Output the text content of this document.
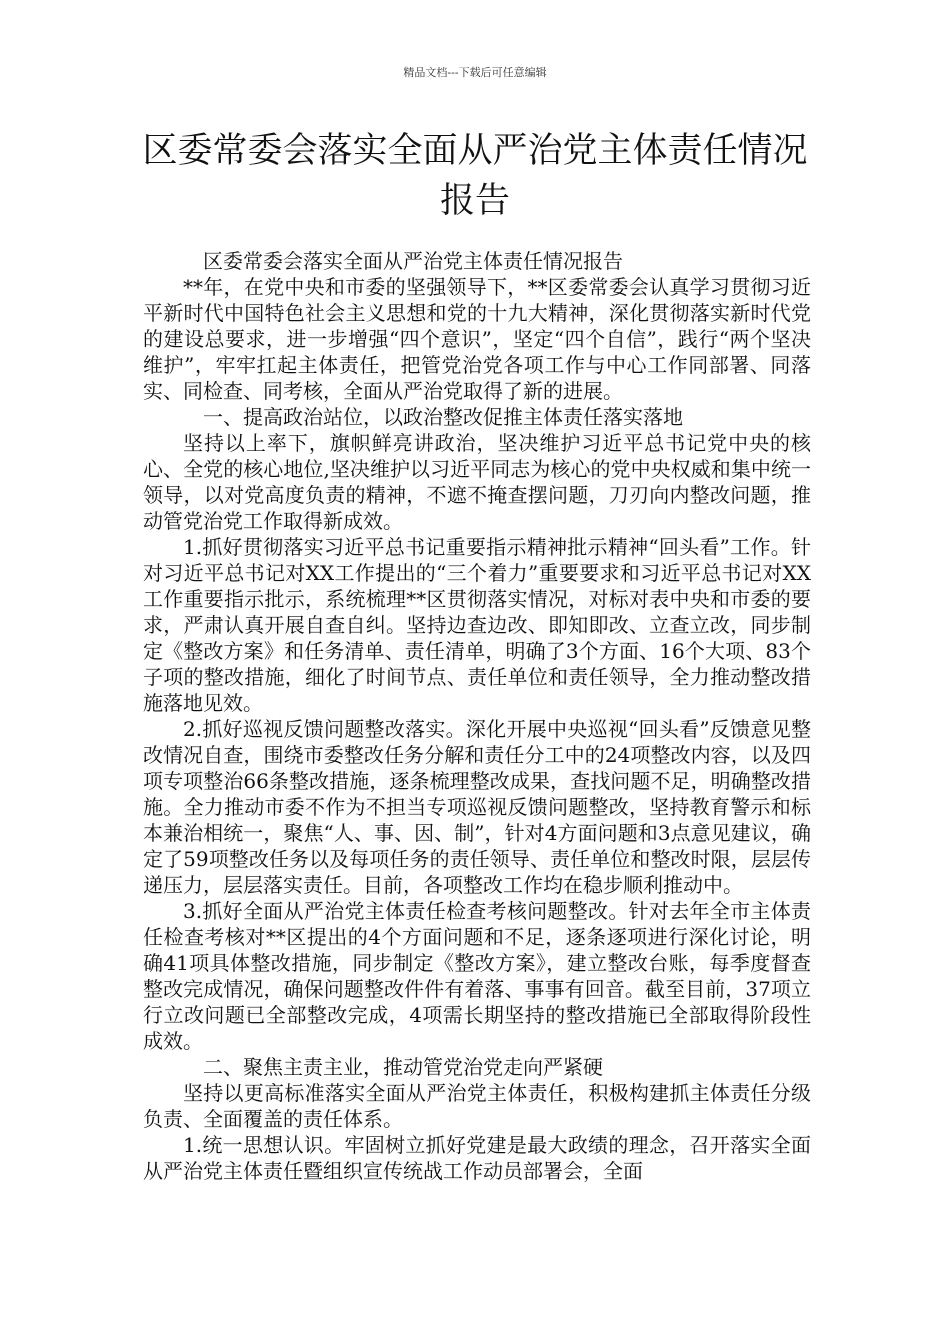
精品文档---下载后可任意编辑
区委常委会落实全面从严治党主体责任情况报告

区委常委会落实全面从严治党主体责任情况报告

**年，在党中央和市委的坚强领导下，**区委常委会认真学习贯彻习近平新时代中国特色社会主义思想和党的十九大精神，深化贯彻落实新时代党的建设总要求，进一步增强“四个意识”，坚定“四个自信”，践行“两个坚决维护”，牢牢扛起主体责任，把管党治党各项工作与中心工作同部署、同落实、同检查、同考核，全面从严治党取得了新的进展。

一、提高政治站位，以政治整改促推主体责任落实落地

坚持以上率下，旗帜鲜亮讲政治，坚决维护习近平总书记党中央的核心、全党的核心地位,坚决维护以习近平同志为核心的党中央权威和集中统一领导，以对党高度负责的精神，不遮不掩查摆问题，刀刃向内整改问题，推动管党治党工作取得新成效。

1.抓好贯彻落实习近平总书记重要指示精神批示精神“回头看”工作。针对习近平总书记对XX工作提出的“三个着力”重要要求和习近平总书记对XX工作重要指示批示，系统梳理**区贯彻落实情况，对标对表中央和市委的要求，严肃认真开展自查自纠。坚持边查边改、即知即改、立查立改，同步制定《整改方案》和任务清单、责任清单，明确了3个方面、16个大项、83个子项的整改措施，细化了时间节点、责任单位和责任领导，全力推动整改措施落地见效。

2.抓好巡视反馈问题整改落实。深化开展中央巡视“回头看”反馈意见整改情况自查，围绕市委整改任务分解和责任分工中的24项整改内容，以及四项专项整治66条整改措施，逐条梳理整改成果，查找问题不足，明确整改措施。全力推动市委不作为不担当专项巡视反馈问题整改，坚持教育警示和标本兼治相统一，聚焦“人、事、因、制”，针对4方面问题和3点意见建议，确定了59项整改任务以及每项任务的责任领导、责任单位和整改时限，层层传递压力，层层落实责任。目前，各项整改工作均在稳步顺利推动中。

3.抓好全面从严治党主体责任检查考核问题整改。针对去年全市主体责任检查考核对**区提出的4个方面问题和不足，逐条逐项进行深化讨论，明确41项具体整改措施，同步制定《整改方案》，建立整改台账，每季度督查整改完成情况，确保问题整改件件有着落、事事有回音。截至目前，37项立行立改问题已全部整改完成，4项需长期坚持的整改措施已全部取得阶段性成效。

二、聚焦主责主业，推动管党治党走向严紧硬

坚持以更高标准落实全面从严治党主体责任，积极构建抓主体责任分级负责、全面覆盖的责任体系。

1.统一思想认识。牢固树立抓好党建是最大政绩的理念，召开落实全面从严治党主体责任暨组织宣传统战工作动员部署会，全面
